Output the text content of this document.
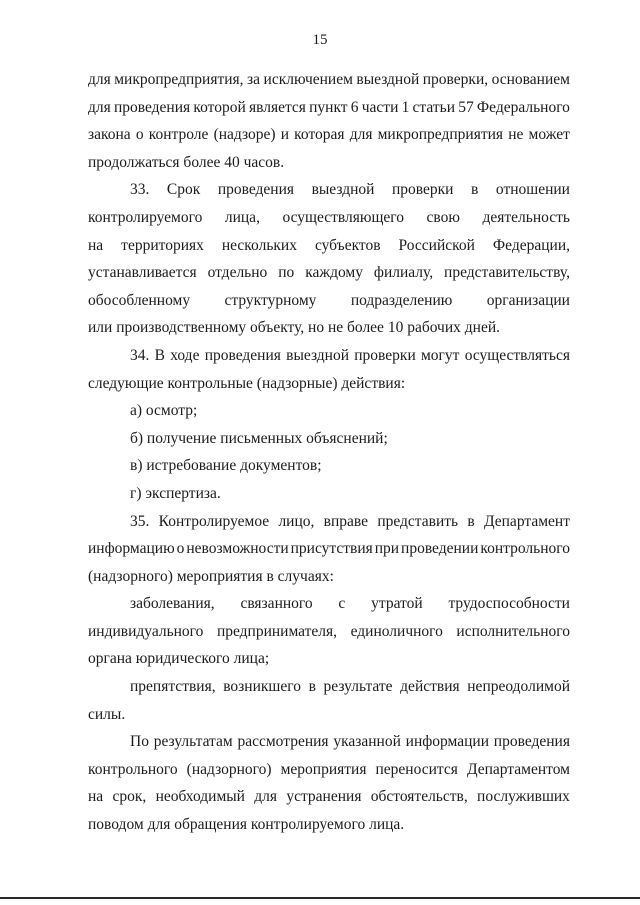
15
для микропредприятия, за исключением выездной проверки, основанием
для проведения которой является пункт 6 части 1 статьи 57 Федерального
закона о контроле (надзоре) и которая для микропредприятия не может
продолжаться более 40 часов.
33. Срок проведения выездной проверки в отношении
контролируемого лица, осуществляющего свою деятельность
на территориях нескольких субъектов Российской Федерации,
устанавливается отдельно по каждому филиалу, представительству,
обособленному структурному подразделению организации
или производственному объекту, но не более 10 рабочих дней.
34. В ходе проведения выездной проверки могут осуществляться
следующие контрольные (надзорные) действия:
а) осмотр;
б) получение письменных объяснений;
в) истребование документов;
г) экспертиза.
35. Контролируемое лицо, вправе представить в Департамент
информацию о невозможности присутствия при проведении контрольного
(надзорного) мероприятия в случаях:
заболевания, связанного с утратой трудоспособности
индивидуального предпринимателя, единоличного исполнительного
органа юридического лица;
препятствия, возникшего в результате действия непреодолимой
силы.
По результатам рассмотрения указанной информации проведения
контрольного (надзорного) мероприятия переносится Департаментом
на срок, необходимый для устранения обстоятельств, послуживших
поводом для обращения контролируемого лица.
